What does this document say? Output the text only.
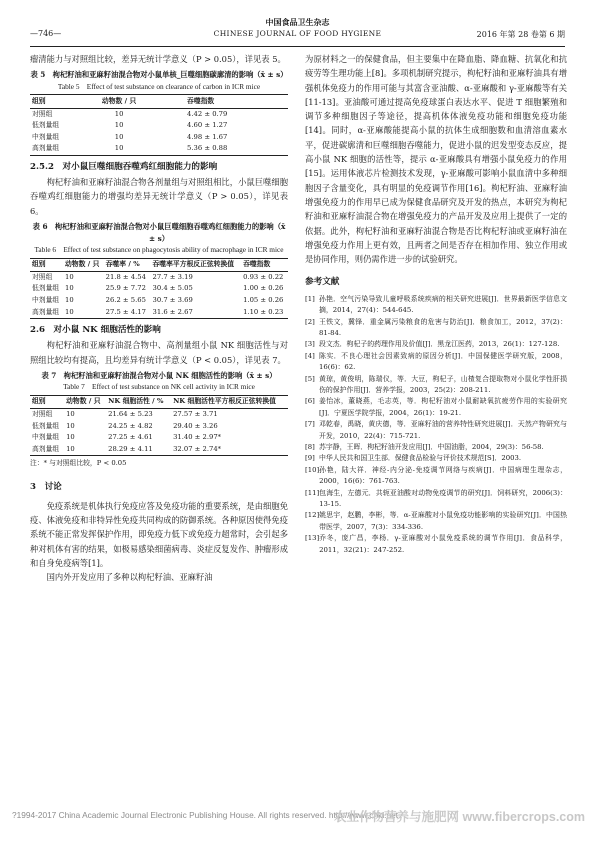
中国食品卫生杂志
—746—	CHINESE JOURNAL OF FOOD HYGIENE	2016 年第 28 卷第 6 期

瘤清能力与对照组比较，差异无统计学意义（P > 0.05），详见表 5。

表 5　枸杞籽油和亚麻籽油混合物对小鼠单核_巨噬细胞碳廓清的影响（x̄ ± s）
Table 5　Effect of test substance on clearance of carbon in ICR mice
组别	动物数 / 只	吞噬指数
对照组	10	4.42 ± 0.79
低剂量组	10	4.60 ± 1.27
中剂量组	10	4.98 ± 1.67
高剂量组	10	5.36 ± 0.88
2.5.2　对小鼠巨噬细胞吞噬鸡红细胞能力的影响

枸杞籽油和亚麻籽油混合物各剂量组与对照组相比，小鼠巨噬细胞吞噬鸡红细胞能力的增强均差异无统计学意义（P > 0.05），详见表 6。

表 6　枸杞籽油和亚麻籽油混合物对小鼠巨噬细胞吞噬鸡红细胞能力的影响（x̄ ± s）
Table 6　Effect of test substance on phagocytosis ability of macrophage in ICR mice
组别	动物数 / 只	吞噬率 / %	吞噬率平方根反正弦转换值	吞噬指数
对照组	10	21.8 ± 4.54	27.7 ± 3.19	0.93 ± 0.22
低剂量组	10	25.9 ± 7.72	30.4 ± 5.05	1.00 ± 0.26
中剂量组	10	26.2 ± 5.65	30.7 ± 3.69	1.05 ± 0.26
高剂量组	10	27.5 ± 4.17	31.6 ± 2.67	1.10 ± 0.23
2.6　对小鼠 NK 细胞活性的影响

枸杞籽油和亚麻籽油混合物中、高剂量组小鼠 NK 细胞活性与对照组比较均有提高，且均差异有统计学意义（P < 0.05），详见表 7。

表 7　枸杞籽油和亚麻籽油混合物对小鼠 NK 细胞活性的影响（x̄ ± s）
Table 7　Effect of test substance on NK cell activity in ICR mice
组别	动物数 / 只	NK 细胞活性 / %	NK 细胞活性平方根反正弦转换值
对照组	10	21.64 ± 5.23	27.57 ± 3.71
低剂量组	10	24.25 ± 4.82	29.40 ± 3.26
中剂量组	10	27.25 ± 4.61	31.40 ± 2.97*
高剂量组	10	28.29 ± 4.11	32.07 ± 2.74*
注：* 与对照组比较，P < 0.05
3　讨论

免疫系统是机体执行免疫应答及免疫功能的重要系统，是由细胞免疫、体液免疫和非特异性免疫共同构成的防御系统。各种原因使得免疫系统不能正常发挥保护作用，即免疫力低下或免疫力超常时，会引起多种对机体有害的结果，如极易感染细菌病毒、炎症反复发作、肿瘤形成和自身免疫病等[1]。

国内外开发应用了多种以枸杞籽油、亚麻籽油

为原材料之一的保健食品，但主要集中在降血脂、降血糖、抗氧化和抗疲劳等生理功能上[8]。多项机制研究提示，枸杞籽油和亚麻籽油具有增强机体免疫力的作用可能与其富含亚油酸、α-亚麻酸和 γ-亚麻酸等有关[11-13]。亚油酸可通过提高免疫球蛋白表达水平、促进 T 细胞繁殖和调节多种细胞因子等途径，提高机体体液免疫功能和细胞免疫功能[14]。同时，α-亚麻酸能提高小鼠的抗体生成细胞数和血清溶血素水平，促进碳廓清和巨噬细胞吞噬能力，促进小鼠的迟发型变态反应，提高小鼠 NK 细胞的活性等，提示 α-亚麻酸具有增强小鼠免疫力的作用[15]。运用体液芯片检测技术发现，γ-亚麻酸可影响小鼠血清中多种细胞因子含量变化，具有明显的免疫调节作用[16]。枸杞籽油、亚麻籽油增强免疫力的作用早已成为保健食品研究及开发的热点，本研究为枸杞籽油和亚麻籽油混合物在增强免疫力的产品开发及应用上提供了一定的依据。此外，枸杞籽油和亚麻籽油混合物是否比枸杞籽油或亚麻籽油在增强免疫力作用上更有效，且两者之间是否存在相加作用、独立作用或是协同作用，则仍需作进一步的试验研究。

参考文献
[1] 孙艳．空气污染导致儿童呼吸系统疾病的相关研究进展[J]．世界最新医学信息文摘，2014，27(4)：544-645.
[2] 王铁文，冀锋．重金属污染粮食的危害与防治[J]．粮食加工，2012，37(2)：81-84.
[3] 段文杰．枸杞子的药理作用及价值[J]．黑龙江医药，2013，26(1)：127-128.
[4] 陈实．不良心理社会因素致病的原因分析[J]．中国保健医学研究版，2008，16(6)：62.
[5] 黄琼，黄俊明，陈瑞仪，等．大豆，枸杞子，山楂复合提取物对小鼠化学性肝损伤的保护作用[J]．营养学报，2003，25(2)：208-211.
[6] 姜怡冰，董晓燕，毛志英，等．枸杞籽油对小鼠耐缺氧抗疲劳作用的实验研究[J]．宁夏医学院学报，2004，26(1)：19-21.
[7] 邓乾春，禹晓，黄庆德，等．亚麻籽油的营养特性研究进展[J]．天然产物研究与开发，2010，22(4)：715-721.
[8] 苏宇静，王晖．枸杞籽油开发应用[J]．中国油脂，2004，29(3)：56-58.
[9] 中华人民共和国卫生部．保健食品检验与评价技术规范[S]．2003.
[10] 孙艳，陆大祥．神经-内分泌-免疫调节网络与疾病[J]．中国病理生理杂志，2000，16(6)：761-763.
[11] 包海生，左德元．共轭亚油酸对动物免疫调节的研究[J]．饲料研究，2006(3)：13-15.
[12] 姚思宇，赵鹏，李彬，等．α-亚麻酸对小鼠免疫功能影响的实验研究[J]．中国热带医学，2007，7(3)：334-336.
[13] 乔冬，庞广昌，李杨．γ-亚麻酸对小鼠免疫系统的调节作用[J]．食品科学，2011，32(21)：247-252.
?1994-2017 China Academic Journal Electronic Publishing House. All rights reserved. http://www.cnki.net
农业作物营养与施肥网 www.fibercrops.com
